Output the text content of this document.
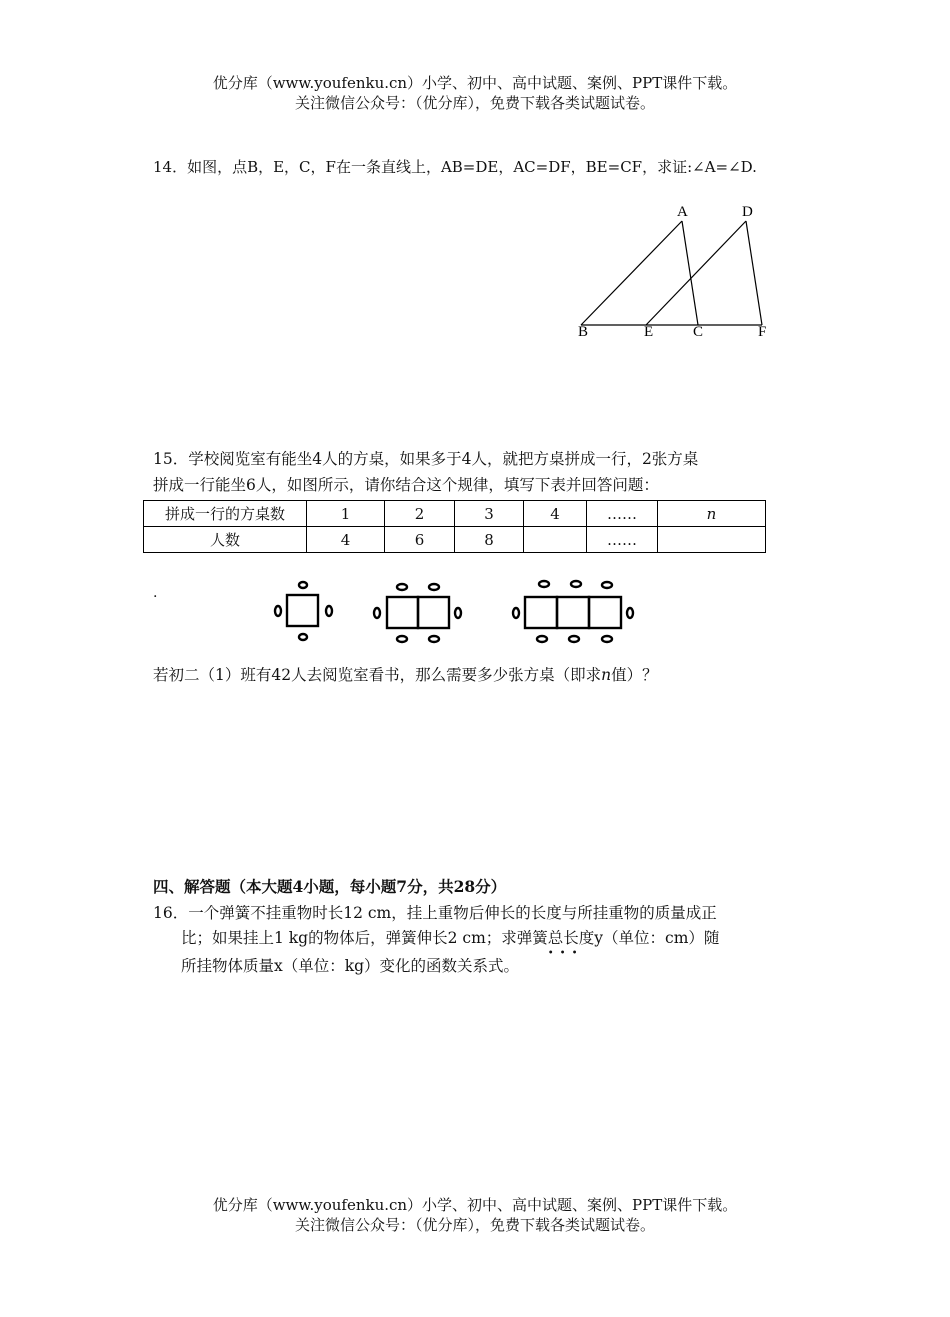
优分库（www.youfenku.cn）小学、初中、高中试题、案例、PPT课件下载。
关注微信公众号：（优分库），免费下载各类试题试卷。
14．如图，点B，E，C，F在一条直线上，AB=DE，AC=DF，BE=CF，求证:∠A=∠D.
A	D
B	E	C	F
15．学校阅览室有能坐4人的方桌，如果多于4人，就把方桌拼成一行，2张方桌
拼成一行能坐6人，如图所示，请你结合这个规律，填写下表并回答问题：
拼成一行的方桌数	1	2	3	4	……	n
人数	4	6	8		……	
.
若初二（1）班有42人去阅览室看书，那么需要多少张方桌（即求n值）？
四、解答题（本大题4小题，每小题7分，共28分）
16．一个弹簧不挂重物时长12 cm，挂上重物后伸长的长度与所挂重物的质量成正
比；如果挂上1 kg的物体后，弹簧伸长2 cm；求弹簧总长度
•••
y（单位：cm）随
所挂物体质量x（单位：kg）变化的函数关系式。
优分库（www.youfenku.cn）小学、初中、高中试题、案例、PPT课件下载。
关注微信公众号：（优分库），免费下载各类试题试卷。
